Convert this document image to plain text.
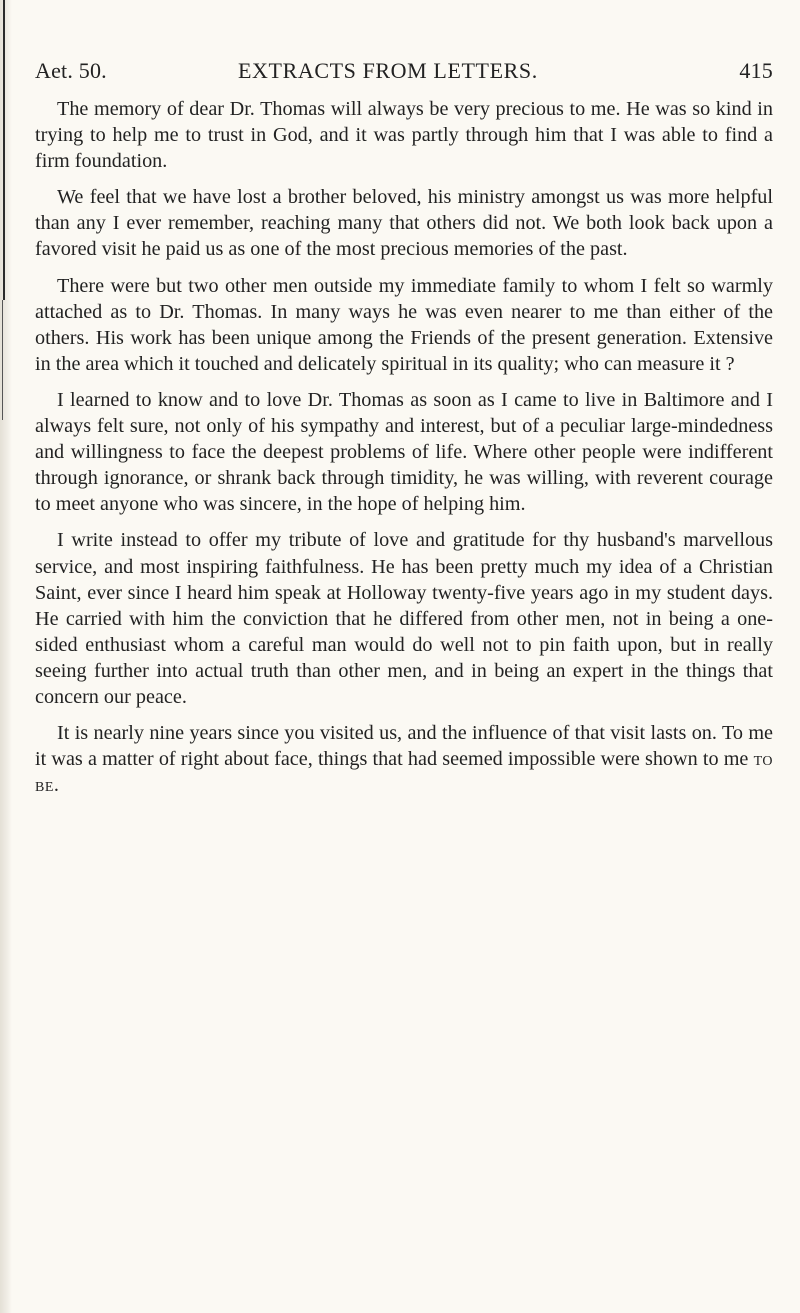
Aet. 50.	EXTRACTS FROM LETTERS.	415

The memory of dear Dr. Thomas will always be very precious to me. He was so kind in trying to help me to trust in God, and it was partly through him that I was able to find a firm foundation.

We feel that we have lost a brother beloved, his ministry amongst us was more helpful than any I ever remember, reaching many that others did not. We both look back upon a favored visit he paid us as one of the most precious memories of the past.

There were but two other men outside my immediate family to whom I felt so warmly attached as to Dr. Thomas. In many ways he was even nearer to me than either of the others. His work has been unique among the Friends of the present generation. Extensive in the area which it touched and delicately spiritual in its quality; who can measure it ?

I learned to know and to love Dr. Thomas as soon as I came to live in Baltimore and I always felt sure, not only of his sympathy and interest, but of a peculiar large-mindedness and willingness to face the deepest problems of life. Where other people were indifferent through ignorance, or shrank back through timidity, he was willing, with reverent courage to meet anyone who was sincere, in the hope of helping him.

I write instead to offer my tribute of love and gratitude for thy husband's marvellous service, and most inspiring faithfulness. He has been pretty much my idea of a Christian Saint, ever since I heard him speak at Holloway twenty-five years ago in my student days. He carried with him the conviction that he differed from other men, not in being a one-sided enthusiast whom a careful man would do well not to pin faith upon, but in really seeing further into actual truth than other men, and in being an expert in the things that concern our peace.

It is nearly nine years since you visited us, and the influence of that visit lasts on. To me it was a matter of right about face, things that had seemed impossible were shown to me to be.
